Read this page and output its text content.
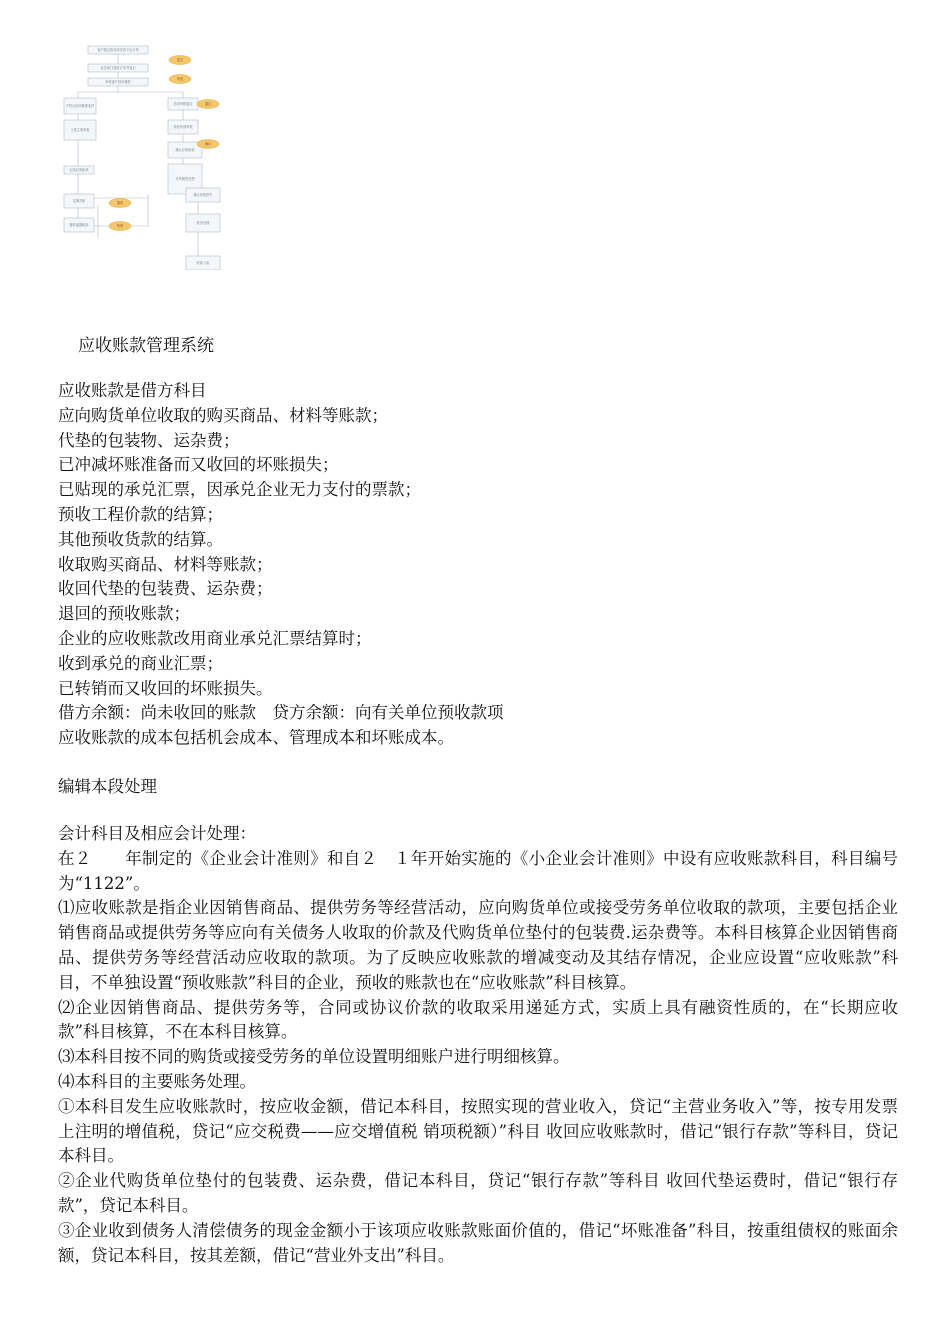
客户通过电话或传真下达订单
业务部门接收订单并登记
审核客户信用额度
不符合信用额度条件	信用审核通过
上报主管审批
转财务部审核
确认应收账款
开具销售发票
记录应收账款
定期对账
催收逾期账款
确认坏账损失
账务处理
收款入账
是否
审批
通过
确认
催收
核销
应收账款管理系统

应收账款是借方科目

应向购货单位收取的购买商品、材料等账款；

代垫的包装物、运杂费；

已冲减坏账准备而又收回的坏账损失；

已贴现的承兑汇票，因承兑企业无力支付的票款；

预收工程价款的结算；

其他预收货款的结算。

收取购买商品、材料等账款；

收回代垫的包装费、运杂费；

退回的预收账款；

企业的应收账款改用商业承兑汇票结算时；

收到承兑的商业汇票；

已转销而又收回的坏账损失。

借方余额：尚未收回的账款　贷方余额：向有关单位预收款项

应收账款的成本包括机会成本、管理成本和坏账成本。

编辑本段处理

会计科目及相应会计处理：

在２　　年制定的《企业会计准则》和自２　１年开始实施的《小企业会计准则》中设有应收账款科目，科目编号为“1122”。

⑴应收账款是指企业因销售商品、提供劳务等经营活动，应向购货单位或接受劳务单位收取的款项，主要包括企业销售商品或提供劳务等应向有关债务人收取的价款及代购货单位垫付的包装费.运杂费等。本科目核算企业因销售商品、提供劳务等经营活动应收取的款项。为了反映应收账款的增减变动及其结存情况，企业应设置“应收账款”科目，不单独设置“预收账款”科目的企业，预收的账款也在“应收账款”科目核算。

⑵企业因销售商品、提供劳务等，合同或协议价款的收取采用递延方式，实质上具有融资性质的，在“长期应收款”科目核算，不在本科目核算。

⑶本科目按不同的购货或接受劳务的单位设置明细账户进行明细核算。

⑷本科目的主要账务处理。

①本科目发生应收账款时，按应收金额，借记本科目，按照实现的营业收入，贷记“主营业务收入”等，按专用发票上注明的增值税，贷记“应交税费——应交增值税 销项税额）”科目 收回应收账款时，借记“银行存款”等科目，贷记本科目。

②企业代购货单位垫付的包装费、运杂费，借记本科目，贷记“银行存款”等科目 收回代垫运费时，借记“银行存款”，贷记本科目。

③企业收到债务人清偿债务的现金金额小于该项应收账款账面价值的，借记“坏账准备”科目，按重组债权的账面余额，贷记本科目，按其差额，借记“营业外支出”科目。
